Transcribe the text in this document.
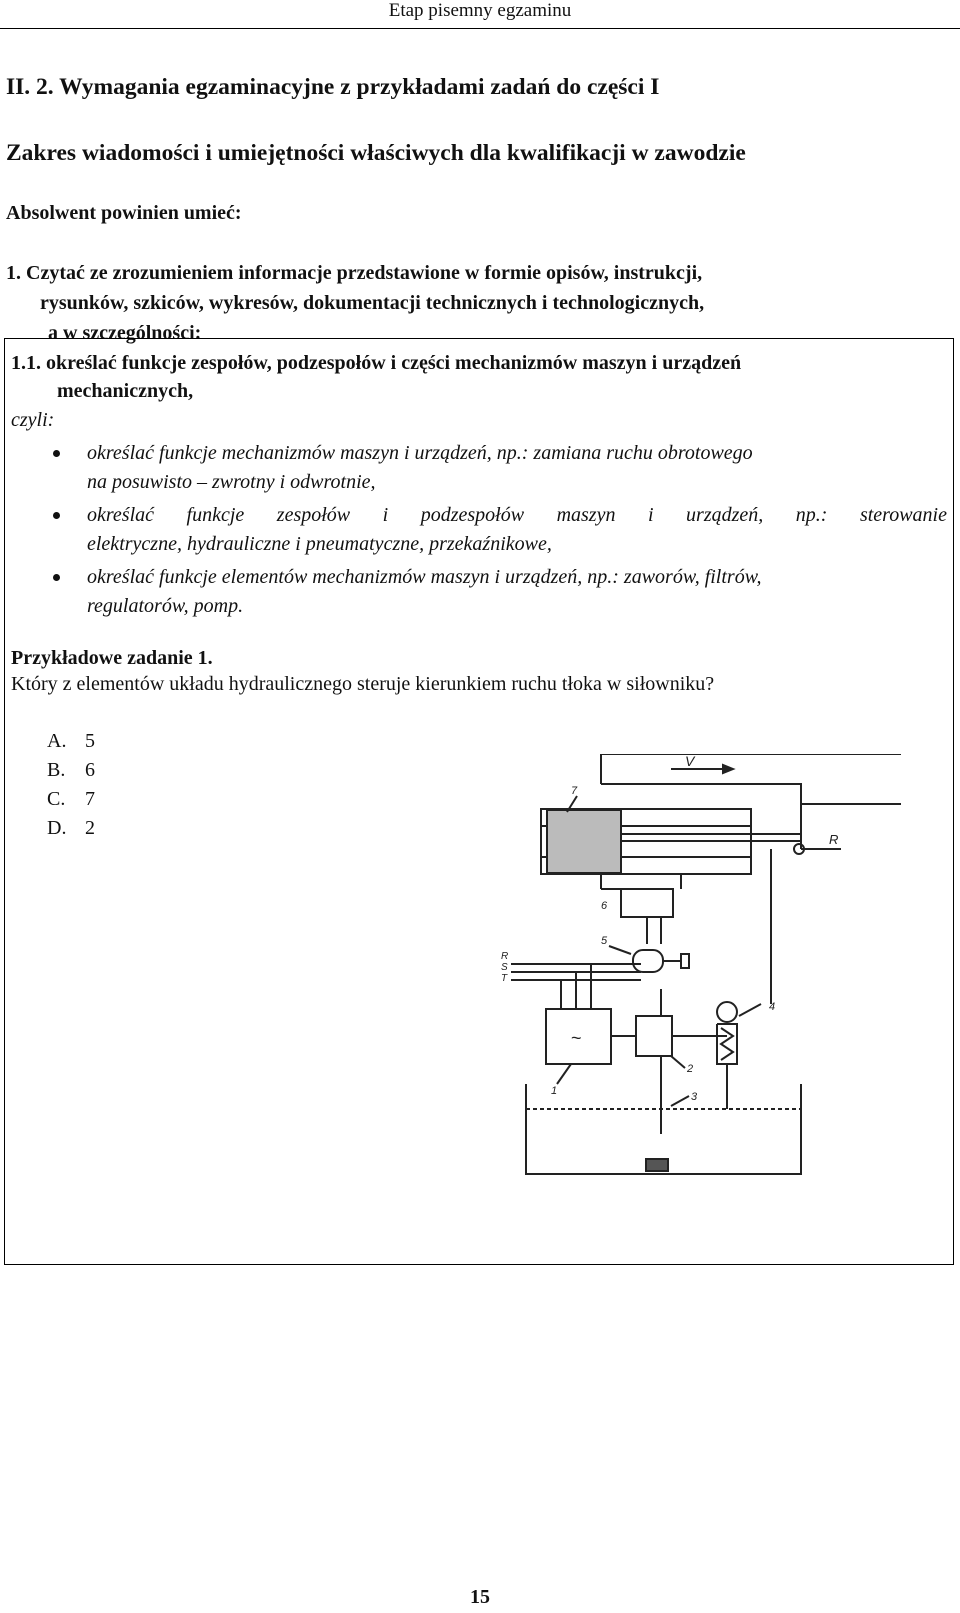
Etap pisemny egzaminu
II. 2. Wymagania egzaminacyjne z przykładami zadań do części I
Zakres wiadomości i umiejętności właściwych dla kwalifikacji w zawodzie
Absolwent powinien umieć:
1. Czytać ze zrozumieniem informacje przedstawione w formie opisów, instrukcji,
rysunków, szkiców, wykresów, dokumentacji technicznych i technologicznych,
a w szczególności:
1.1. określać funkcje zespołów, podzespołów i części mechanizmów maszyn i urządzeń
mechanicznych,
czyli:
określać funkcje mechanizmów maszyn i urządzeń, np.: zamiana ruchu obrotowego
na posuwisto – zwrotny i odwrotnie,
określać funkcje zespołów i podzespołów maszyn i urządzeń, np.: sterowanie
elektryczne, hydrauliczne i pneumatyczne, przekaźnikowe,
określać funkcje elementów mechanizmów maszyn i urządzeń, np.: zaworów, filtrów,
regulatorów, pomp.
Przykładowe zadanie 1.
Który z elementów układu hydraulicznego steruje kierunkiem ruchu tłoka w siłowniku?
A. 5
B. 6
C. 7
D. 2
V
R
7
6
5
R
S
T
~
1
2
4
3
15
